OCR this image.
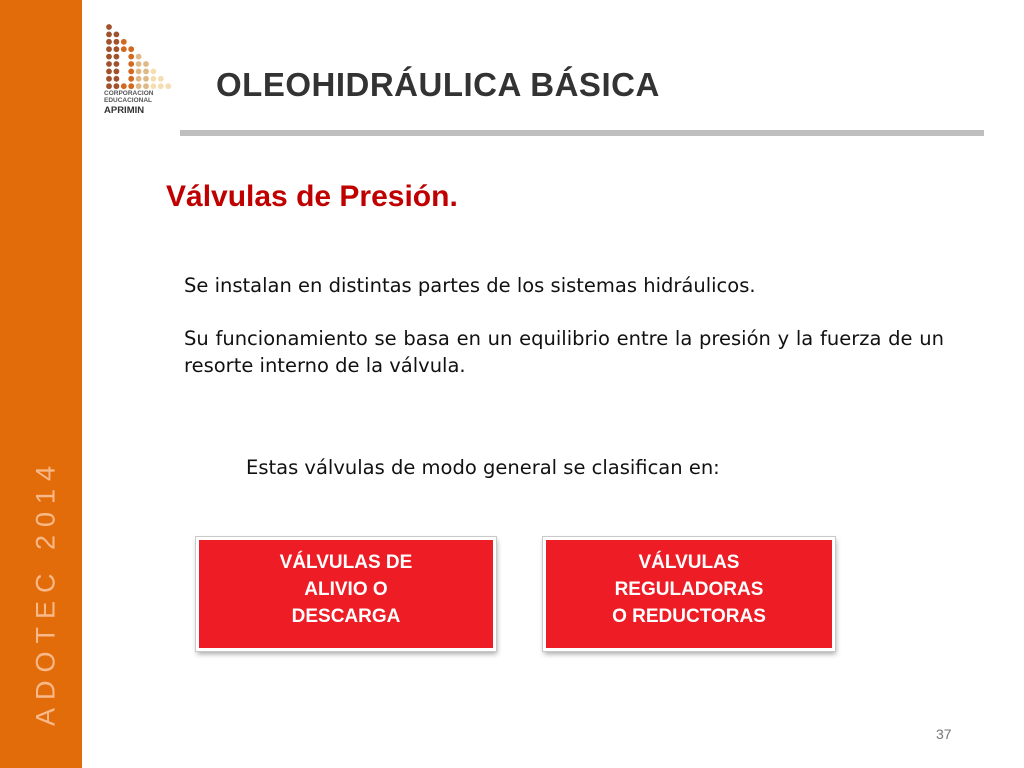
ADOTEC 2014
CORPORACION
EDUCACIONAL
APRIMIN
OLEOHIDRÁULICA BÁSICA
Válvulas de Presión.

Se instalan en distintas partes de los sistemas hidráulicos.

Su funcionamiento se basa en un equilibrio entre la presión y la fuerza de un resorte interno de la válvula.

Estas válvulas de modo general se clasifican en:

VÁLVULAS DE
ALIVIO O
DESCARGA
VÁLVULAS
REGULADORAS
O REDUCTORAS
37
